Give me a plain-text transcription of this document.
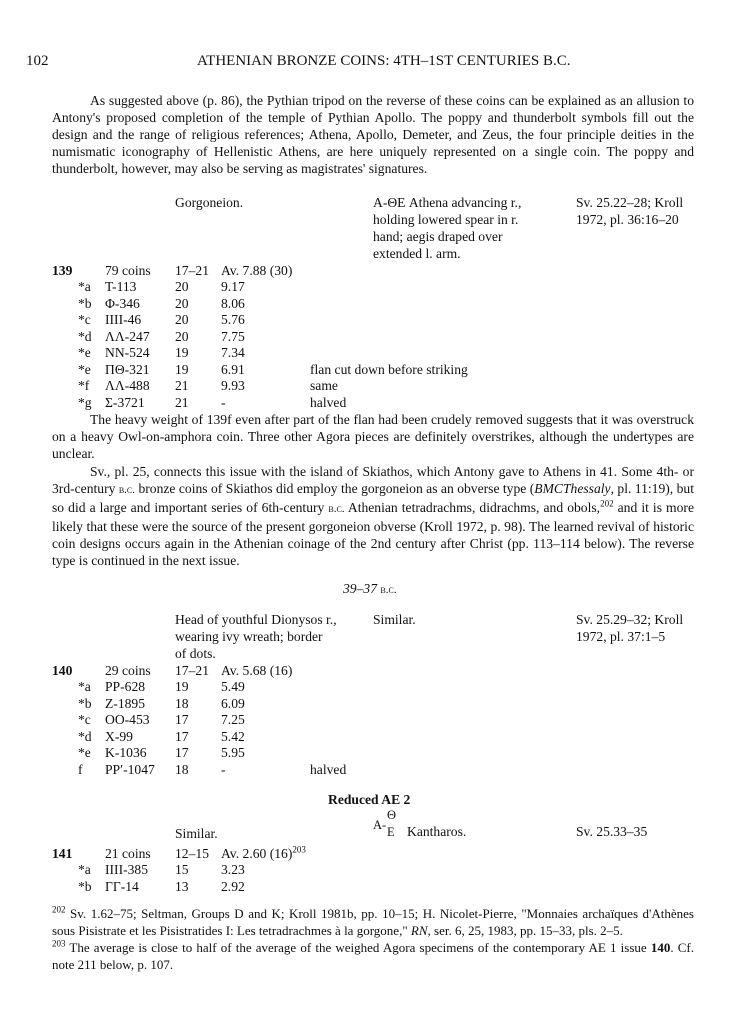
102	ATHENIAN BRONZE COINS: 4TH–1ST CENTURIES B.C.

As suggested above (p. 86), the Pythian tripod on the reverse of these coins can be explained as an allusion to Antony's proposed completion of the temple of Pythian Apollo. The poppy and thunderbolt symbols fill out the design and the range of religious references; Athena, Apollo, Demeter, and Zeus, the four principle deities in the numismatic iconography of Hellenistic Athens, are here uniquely represented on a single coin. The poppy and thunderbolt, however, may also be serving as magistrates' signatures.

Gorgoneion.	Α-ΘΕ Athena advancing r.,
holding lowered spear in r.
hand; aegis draped over
extended l. arm.
Sv. 25.22–28; Kroll
1972, pl. 36:16–20
139 79 coins 17–21 Av. 7.88 (30)
*a T-113	20 9.17
*b Φ-346	20 8.06
*c ΙΙΙΙ-46 20 5.76
*d ΛΛ-247 20 7.75
*e NN-524 19 7.34
*e ΠΘ-321 19 6.91	flan cut down before striking
*f ΛΛ-488 21 9.93	same
*g Σ-3721 21 -	halved

The heavy weight of 139f even after part of the flan had been crudely removed suggests that it was overstruck on a heavy Owl-on-amphora coin. Three other Agora pieces are definitely overstrikes, although the undertypes are unclear.

Sv., pl. 25, connects this issue with the island of Skiathos, which Antony gave to Athens in 41. Some 4th- or 3rd-century b.c. bronze coins of Skiathos did employ the gorgoneion as an obverse type (BMCThessaly, pl. 11:19), but so did a large and important series of 6th-century b.c. Athenian tetradrachms, didrachms, and obols,$^{202}$ and it is more likely that these were the source of the present gorgoneion obverse (Kroll 1972, p. 98). The learned revival of historic coin designs occurs again in the Athenian coinage of the 2nd century after Christ (pp. 113–114 below). The reverse type is continued in the next issue.

39–37 b.c.
Head of youthful Dionysos r.,
wearing ivy wreath; border
of dots.
Similar.	Sv. 25.29–32; Kroll
1972, pl. 37:1–5
140 29 coins 17–21 Av. 5.68 (16)
*a PP-628 19 5.49
*b Z-1895 18 6.09
*c OO-453 17 7.25
*d X-99	17 5.42
*e K-1036 17 5.95
f PP′-1047 18 -	halved
Reduced AE 2
Similar.
Α-
Θ
Ε Kantharos.	Sv. 25.33–35
141 21 coins 12–15 Av. 2.60 $(16)^{203}$
*a ΙΙΙΙ-385 15 3.23
*b ΓΓ-14	13 2.92

$^{202}$ Sv. 1.62–75; Seltman, Groups D and K; Kroll 1981b, pp. 10–15; H. Nicolet-Pierre, "Monnaies archaïques d'Athènes sous Pisistrate et les Pisistratides I: Les tetradrachmes à la gorgone," RN, ser. 6, 25, 1983, pp. 15–33, pls. 2–5.

$^{203}$ The average is close to half of the average of the weighed Agora specimens of the contemporary AE 1 issue 140. Cf. note 211 below, p. 107.
